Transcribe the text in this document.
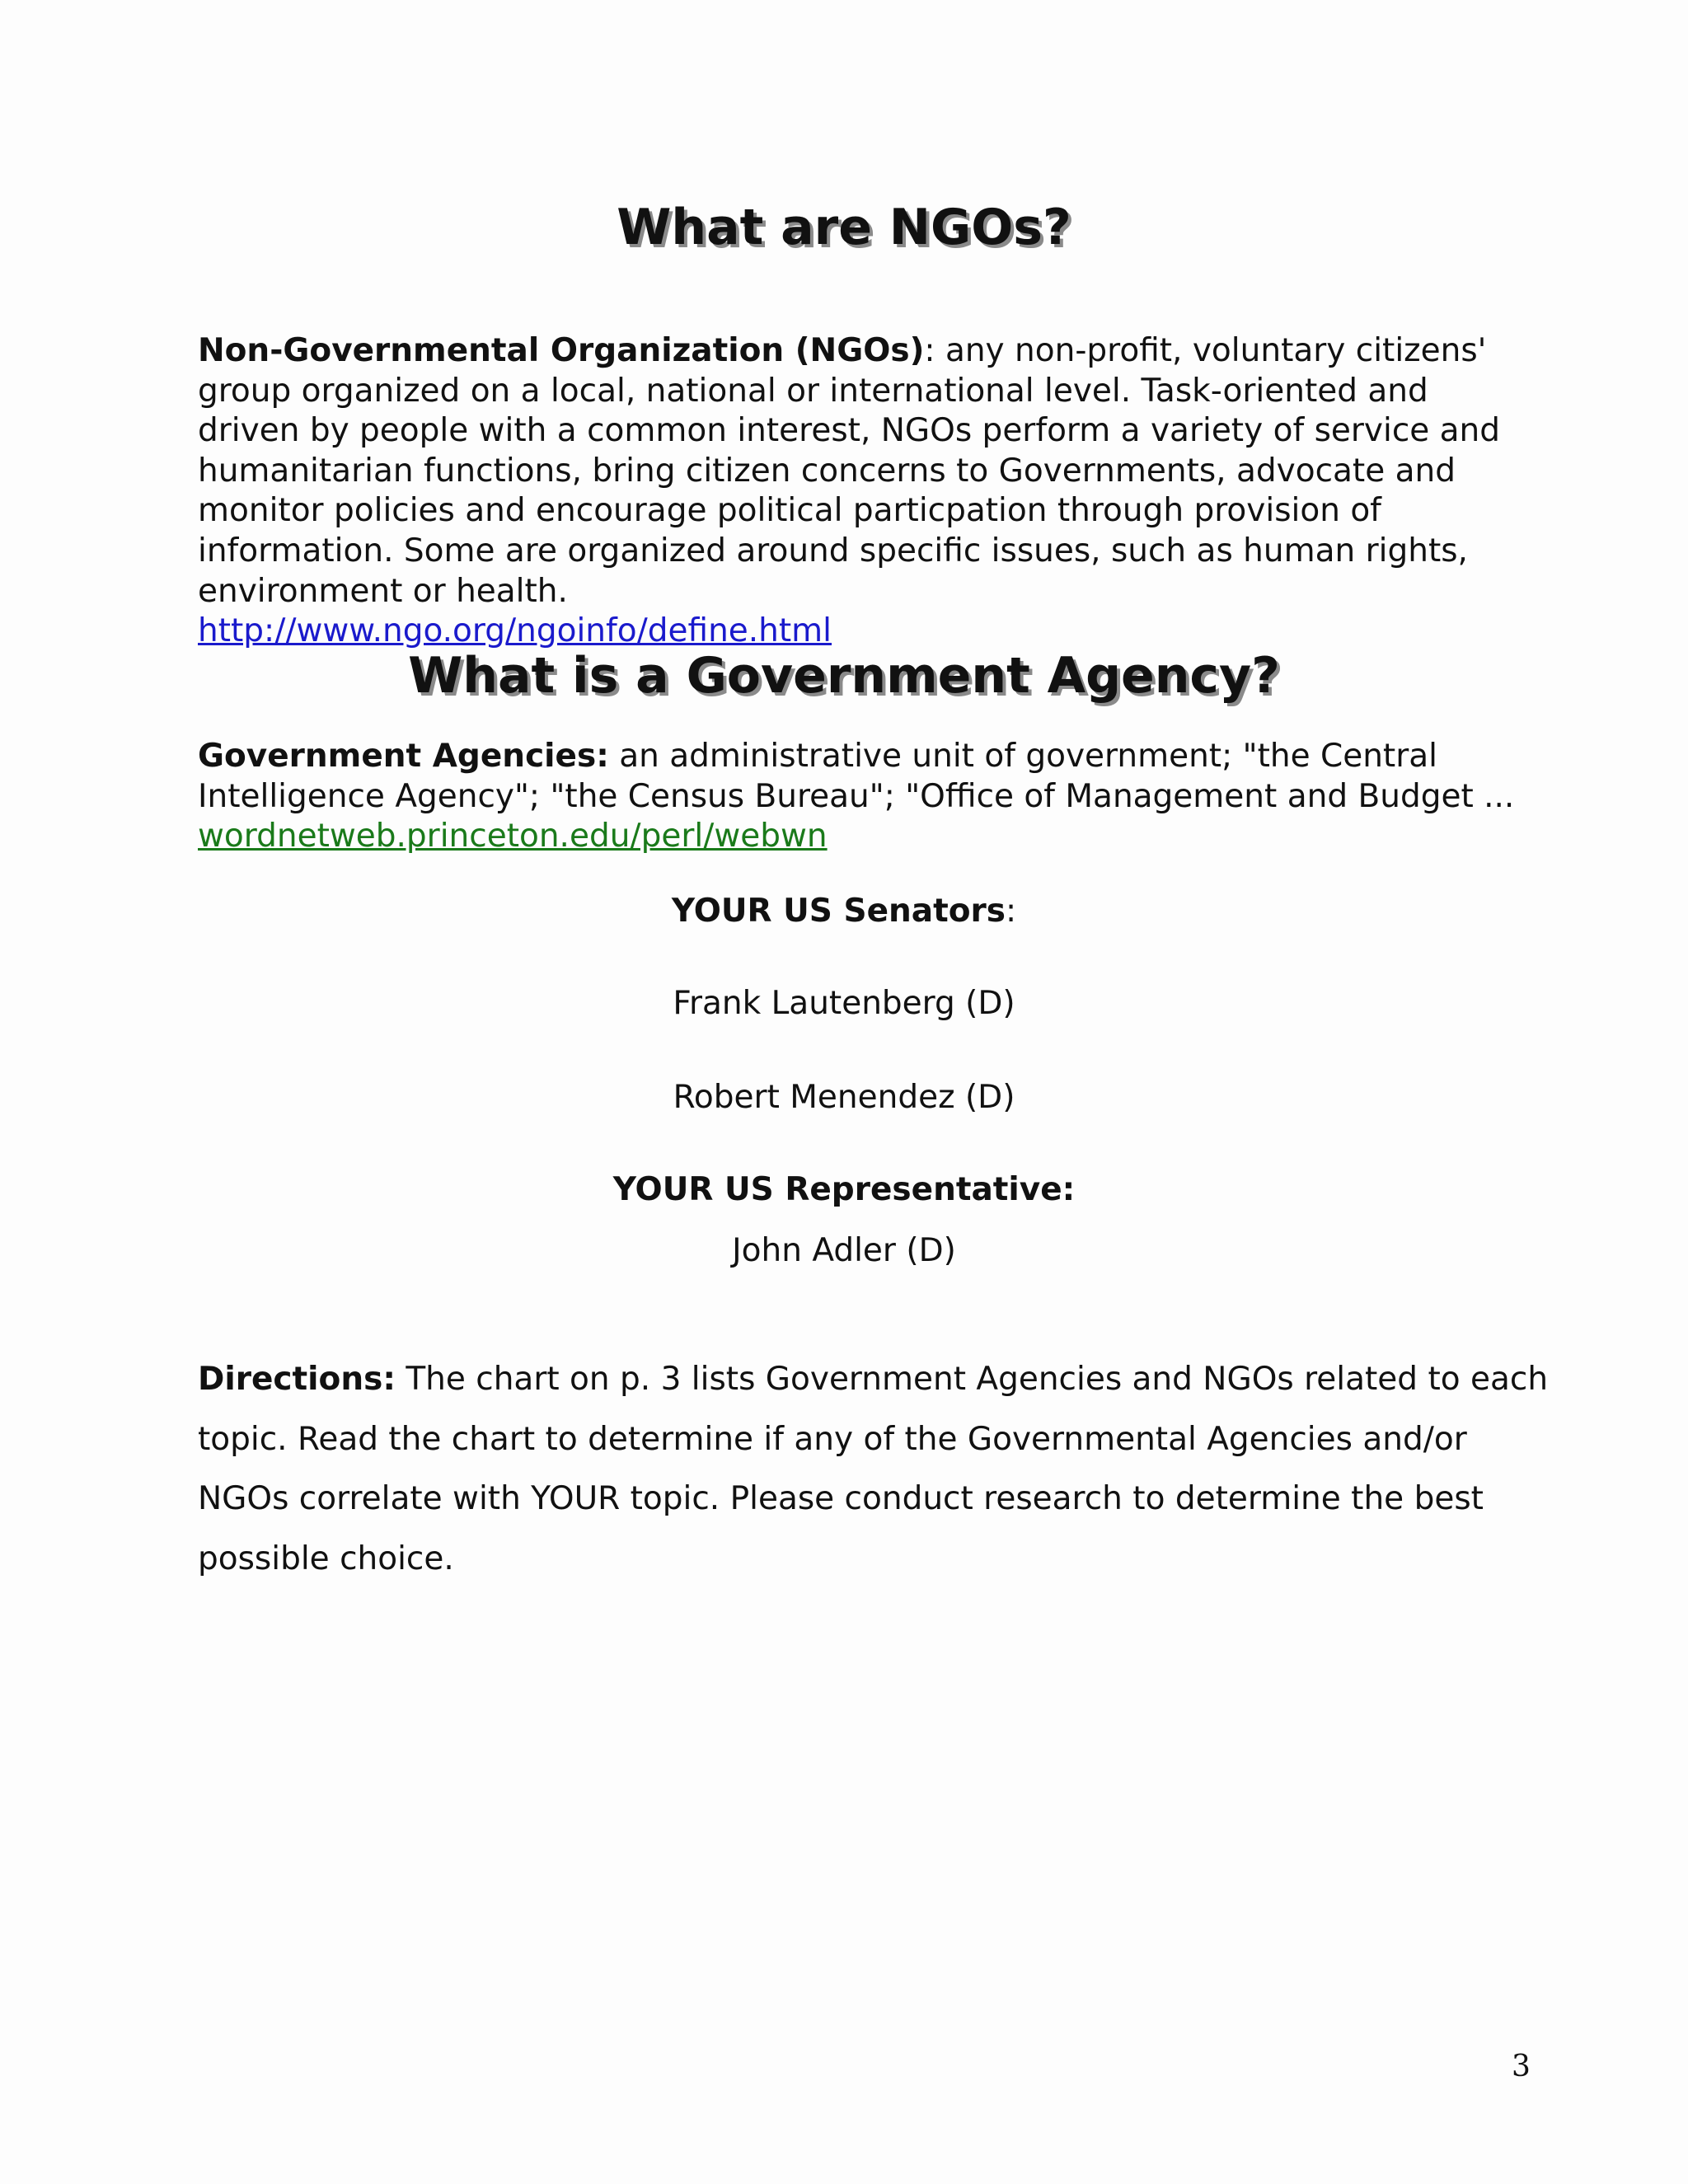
What are NGOs?

Non-Governmental Organization (NGOs): any non-profit, voluntary citizens' group organized on a local, national or international level. Task-oriented and driven by people with a common interest, NGOs perform a variety of service and humanitarian functions, bring citizen concerns to Governments, advocate and monitor policies and encourage political particpation through provision of information. Some are organized around specific issues, such as human rights, environment or health.
http://www.ngo.org/ngoinfo/define.html

What is a Government Agency?

Government Agencies: an administrative unit of government; "the Central Intelligence Agency"; "the Census Bureau"; "Office of Management and Budget ...
wordnetweb.princeton.edu/perl/webwn

YOUR US Senators:

Frank Lautenberg (D)

Robert Menendez (D)

YOUR US Representative:

John Adler (D)

Directions: The chart on p. 3 lists Government Agencies and NGOs related to each topic. Read the chart to determine if any of the Governmental Agencies and/or NGOs correlate with YOUR topic. Please conduct research to determine the best possible choice.

3
